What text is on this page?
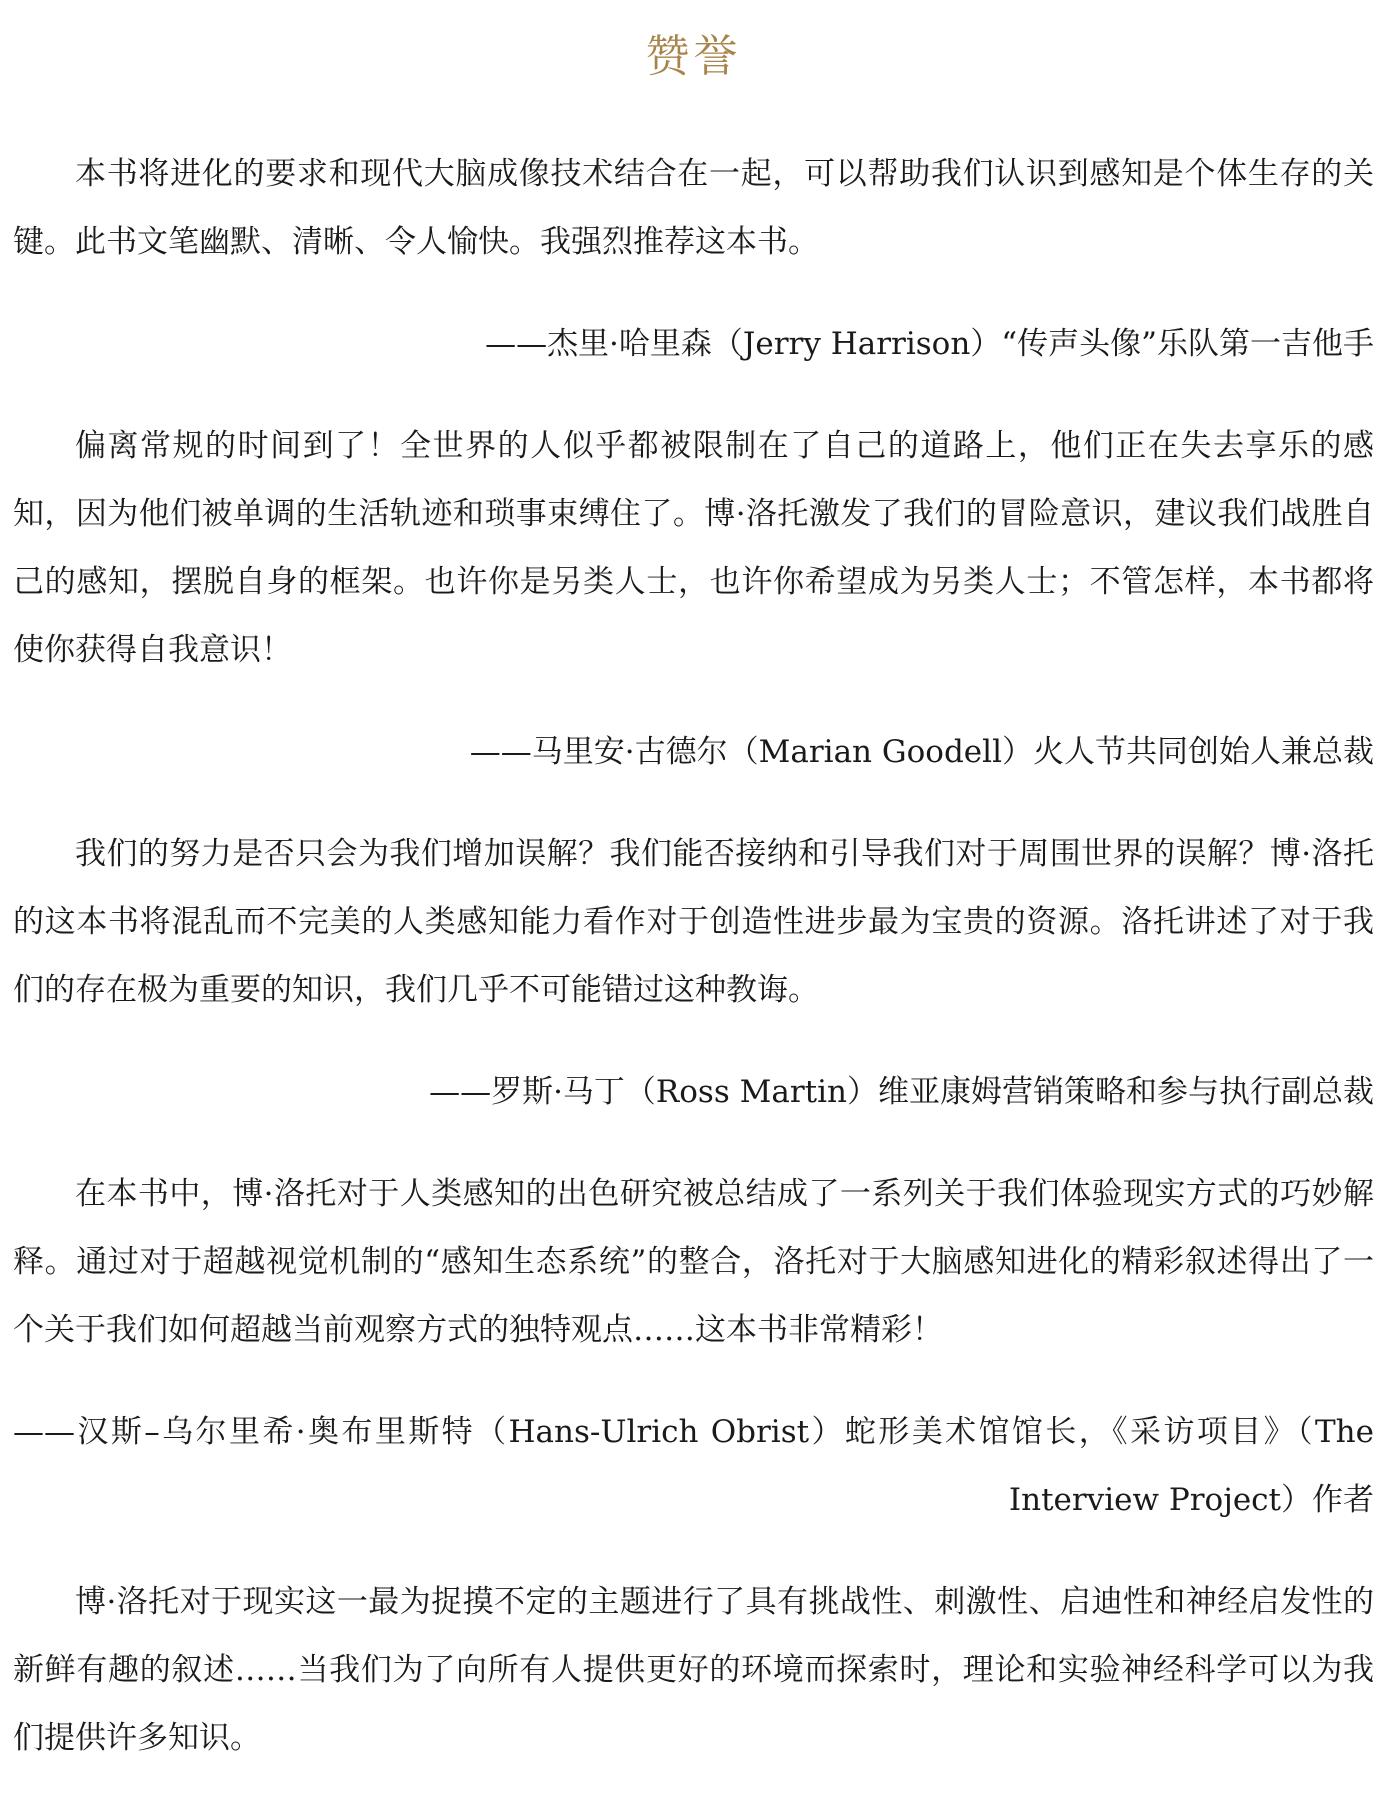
赞誉

本书将进化的要求和现代大脑成像技术结合在一起，可以帮助我们认识到感知是个体生存的关键。此书文笔幽默、清晰、令人愉快。我强烈推荐这本书。

——杰里·哈里森（Jerry Harrison）“传声头像”乐队第一吉他手

偏离常规的时间到了！全世界的人似乎都被限制在了自己的道路上，他们正在失去享乐的感知，因为他们被单调的生活轨迹和琐事束缚住了。博·洛托激发了我们的冒险意识，建议我们战胜自己的感知，摆脱自身的框架。也许你是另类人士，也许你希望成为另类人士；不管怎样，本书都将使你获得自我意识！

——马里安·古德尔（Marian Goodell）火人节共同创始人兼总裁

我们的努力是否只会为我们增加误解？我们能否接纳和引导我们对于周围世界的误解？博·洛托的这本书将混乱而不完美的人类感知能力看作对于创造性进步最为宝贵的资源。洛托讲述了对于我们的存在极为重要的知识，我们几乎不可能错过这种教诲。

——罗斯·马丁（Ross Martin）维亚康姆营销策略和参与执行副总裁

在本书中，博·洛托对于人类感知的出色研究被总结成了一系列关于我们体验现实方式的巧妙解释。通过对于超越视觉机制的“感知生态系统”的整合，洛托对于大脑感知进化的精彩叙述得出了一个关于我们如何超越当前观察方式的独特观点……这本书非常精彩！

——汉斯–乌尔里希·奥布里斯特（Hans-Ulrich Obrist）蛇形美术馆馆长，《采访项目》（The Interview Project）作者

博·洛托对于现实这一最为捉摸不定的主题进行了具有挑战性、刺激性、启迪性和神经启发性的新鲜有趣的叙述……当我们为了向所有人提供更好的环境而探索时，理论和实验神经科学可以为我们提供许多知识。
